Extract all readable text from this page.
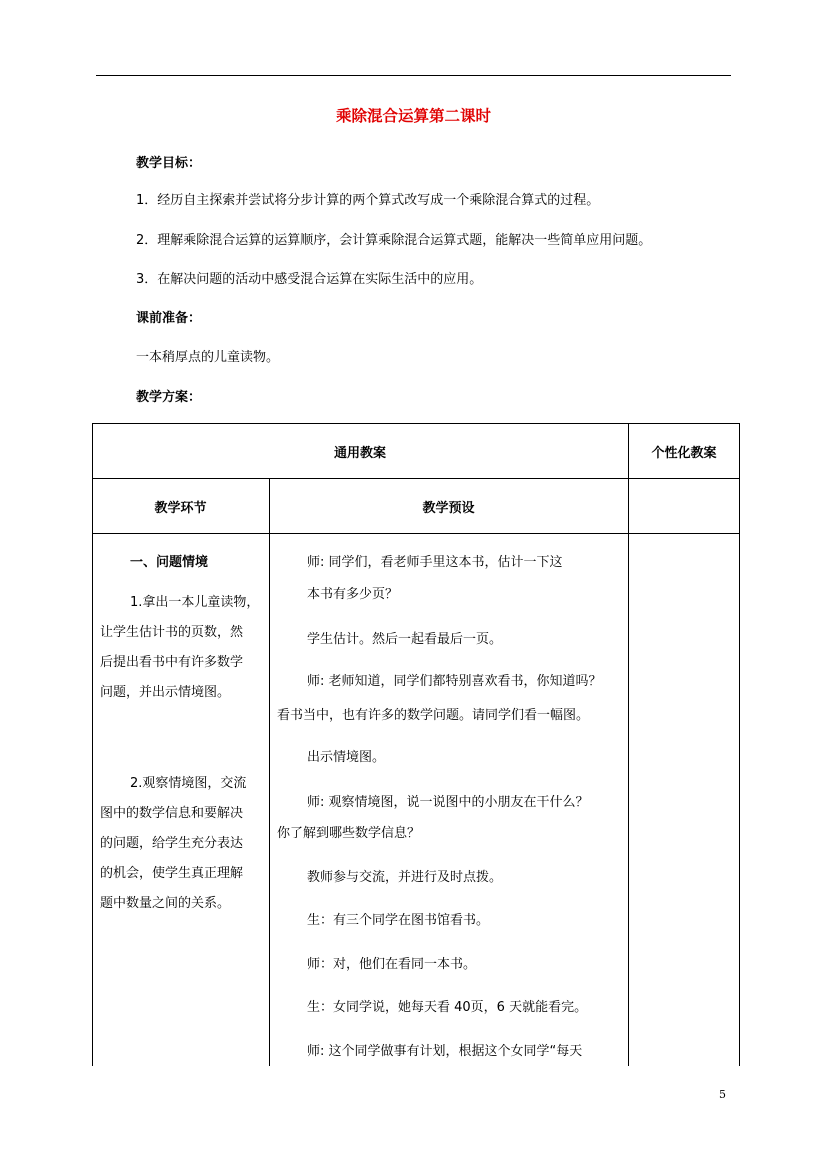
乘除混合运算第二课时
教学目标：
1．经历自主探索并尝试将分步计算的两个算式改写成一个乘除混合算式的过程。
2．理解乘除混合运算的运算顺序，会计算乘除混合运算式题，能解决一些简单应用问题。
3．在解决问题的活动中感受混合运算在实际生活中的应用。
课前准备：
一本稍厚点的儿童读物。
教学方案：
通用教案	个性化教案
教学环节	教学预设
一、问题情境
1.拿出一本儿童读物，
让学生估计书的页数，然
后提出看书中有许多数学
问题，并出示情境图。
2.观察情境图，交流
图中的数学信息和要解决
的问题，给学生充分表达
的机会，使学生真正理解
题中数量之间的关系。
师: 同学们，看老师手里这本书，估计一下这
本书有多少页？
学生估计。然后一起看最后一页。
师: 老师知道，同学们都特别喜欢看书，你知道吗？
看书当中，也有许多的数学问题。请同学们看一幅图。
出示情境图。
师: 观察情境图，说一说图中的小朋友在干什么？
你了解到哪些数学信息？
教师参与交流，并进行及时点拨。
生：有三个同学在图书馆看书。
师：对，他们在看同一本书。
生：女同学说，她每天看 40页，6 天就能看完。
师: 这个同学做事有计划，根据这个女同学“每天
5
